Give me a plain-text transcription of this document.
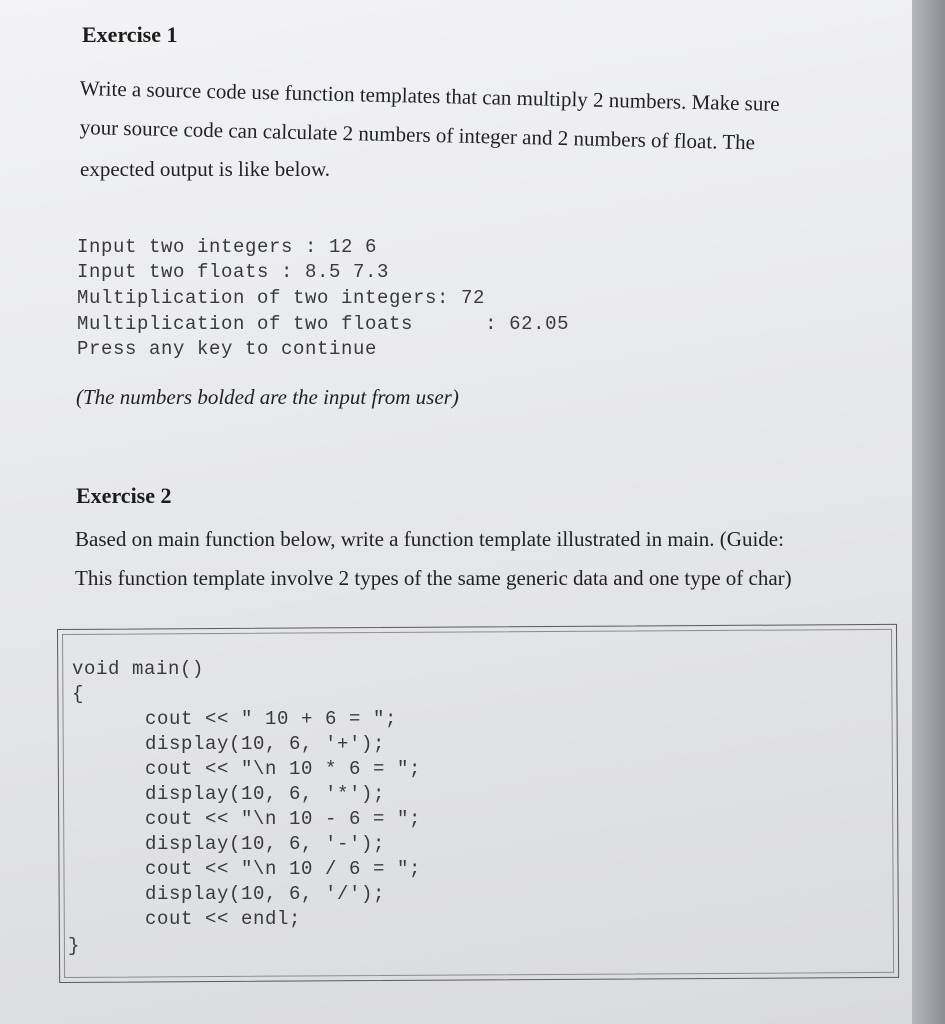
Exercise 1
Write a source code use function templates that can multiply 2 numbers. Make sure
your source code can calculate 2 numbers of integer and 2 numbers of float. The
expected output is like below.
Input two integers : 12 6
Input two floats : 8.5 7.3
Multiplication of two integers: 72
Multiplication of two floats      : 62.05
Press any key to continue
(The numbers bolded are the input from user)
Exercise 2
Based on main function below, write a function template illustrated in main. (Guide:
This function template involve 2 types of the same generic data and one type of char)
void main()
{
cout << " 10 + 6 = ";
display(10, 6, '+');
cout << "\n 10 * 6 = ";
display(10, 6, '*');
cout << "\n 10 - 6 = ";
display(10, 6, '-');
cout << "\n 10 / 6 = ";
display(10, 6, '/');
cout << endl;
}
